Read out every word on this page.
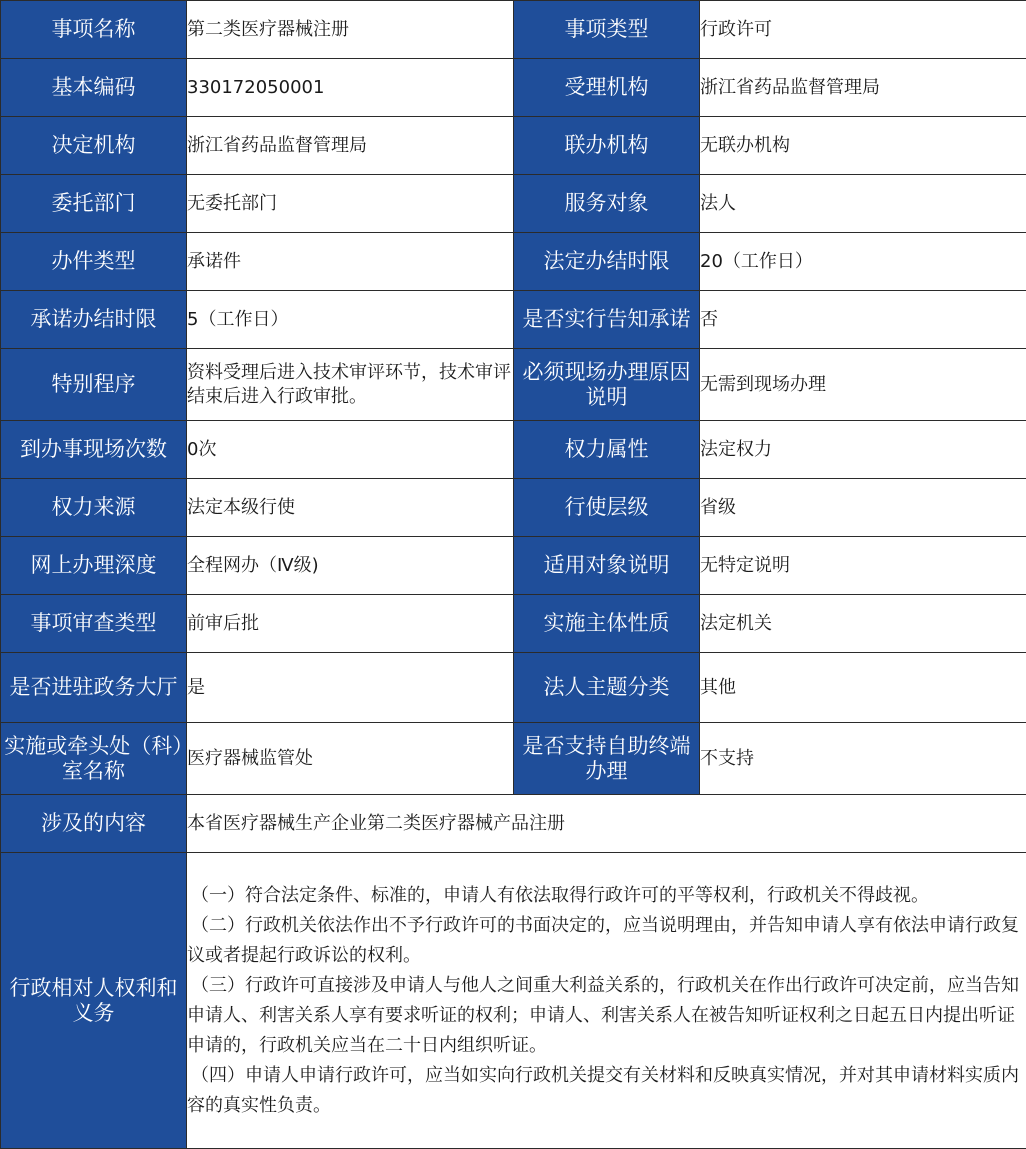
事项名称	第二类医疗器械注册	事项类型	行政许可
基本编码	330172050001	受理机构	浙江省药品监督管理局
决定机构	浙江省药品监督管理局	联办机构	无联办机构
委托部门	无委托部门	服务对象	法人
办件类型	承诺件	法定办结时限	20（工作日）
承诺办结时限	5（工作日）	是否实行告知承诺	否
特别程序	资料受理后进入技术审评环节，技术审评结束后进入行政审批。	必须现场办理原因说明	无需到现场办理
到办事现场次数	0次	权力属性	法定权力
权力来源	法定本级行使	行使层级	省级
网上办理深度	全程网办（Ⅳ级)	适用对象说明	无特定说明
事项审查类型	前审后批	实施主体性质	法定机关
是否进驻政务大厅	是	法人主题分类	其他
实施或牵头处（科）室名称	医疗器械监管处	是否支持自助终端办理	不支持
涉及的内容	本省医疗器械生产企业第二类医疗器械产品注册		
行政相对人权利和义务	（一）符合法定条件、标准的，申请人有依法取得行政许可的平等权利，行政机关不得歧视。

（二）行政机关依法作出不予行政许可的书面决定的，应当说明理由，并告知申请人享有依法申请行政复议或者提起行政诉讼的权利。

（三）行政许可直接涉及申请人与他人之间重大利益关系的，行政机关在作出行政许可决定前，应当告知申请人、利害关系人享有要求听证的权利；申请人、利害关系人在被告知听证权利之日起五日内提出听证申请的，行政机关应当在二十日内组织听证。

（四）申请人申请行政许可，应当如实向行政机关提交有关材料和反映真实情况，并对其申请材料实质内容的真实性负责。		
